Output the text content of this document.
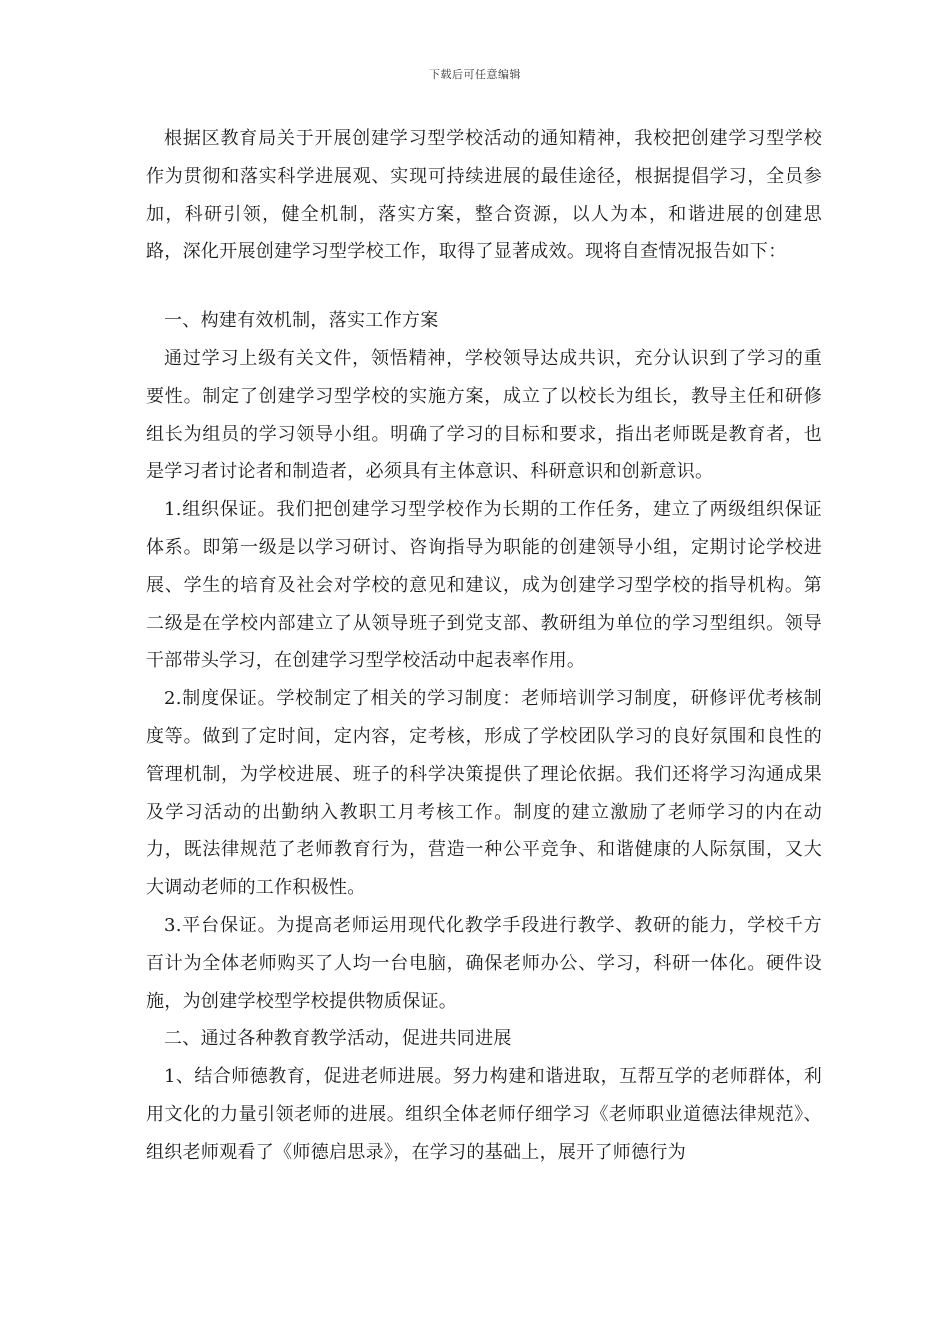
下载后可任意编辑

根据区教育局关于开展创建学习型学校活动的通知精神，我校把创建学习型学校作为贯彻和落实科学进展观、实现可持续进展的最佳途径，根据提倡学习，全员参加，科研引领，健全机制，落实方案，整合资源，以人为本，和谐进展的创建思路，深化开展创建学习型学校工作，取得了显著成效。现将自查情况报告如下：

一、构建有效机制，落实工作方案

通过学习上级有关文件，领悟精神，学校领导达成共识，充分认识到了学习的重要性。制定了创建学习型学校的实施方案，成立了以校长为组长，教导主任和研修组长为组员的学习领导小组。明确了学习的目标和要求，指出老师既是教育者，也是学习者讨论者和制造者，必须具有主体意识、科研意识和创新意识。

1.组织保证。我们把创建学习型学校作为长期的工作任务，建立了两级组织保证体系。即第一级是以学习研讨、咨询指导为职能的创建领导小组，定期讨论学校进展、学生的培育及社会对学校的意见和建议，成为创建学习型学校的指导机构。第二级是在学校内部建立了从领导班子到党支部、教研组为单位的学习型组织。领导干部带头学习，在创建学习型学校活动中起表率作用。

2.制度保证。学校制定了相关的学习制度：老师培训学习制度，研修评优考核制度等。做到了定时间，定内容，定考核，形成了学校团队学习的良好氛围和良性的管理机制，为学校进展、班子的科学决策提供了理论依据。我们还将学习沟通成果及学习活动的出勤纳入教职工月考核工作。制度的建立激励了老师学习的内在动力，既法律规范了老师教育行为，营造一种公平竞争、和谐健康的人际氛围，又大大调动老师的工作积极性。

3.平台保证。为提高老师运用现代化教学手段进行教学、教研的能力，学校千方百计为全体老师购买了人均一台电脑，确保老师办公、学习，科研一体化。硬件设施，为创建学校型学校提供物质保证。

二、通过各种教育教学活动，促进共同进展

1、结合师德教育，促进老师进展。努力构建和谐进取，互帮互学的老师群体，利用文化的力量引领老师的进展。组织全体老师仔细学习《老师职业道德法律规范》、组织老师观看了《师德启思录》，在学习的基础上，展开了师德行为
